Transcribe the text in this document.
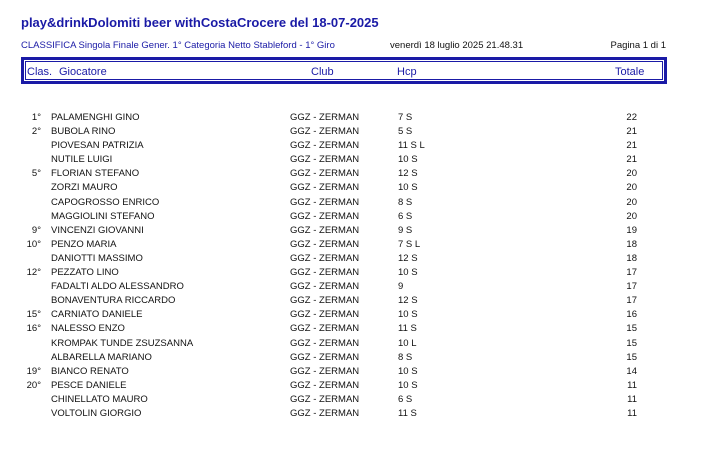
play&drinkDolomiti beer withCostaCrocere del 18-07-2025
CLASSIFICA Singola Finale Gener. 1° Categoria Netto Stableford - 1° Giro	venerdì 18 luglio 2025 21.48.31	Pagina 1 di 1
Clas. Giocatore	Club	Hcp	Totale
1° PALAMENGHI GINO	GGZ - ZERMAN	7 S	22
2° BUBOLA RINO	GGZ - ZERMAN	5 S	21
PIOVESAN PATRIZIA	GGZ - ZERMAN	11 S L	21
NUTILE LUIGI	GGZ - ZERMAN	10 S	21
5° FLORIAN STEFANO	GGZ - ZERMAN	12 S	20
ZORZI MAURO	GGZ - ZERMAN	10 S	20
CAPOGROSSO ENRICO	GGZ - ZERMAN	8 S	20
MAGGIOLINI STEFANO	GGZ - ZERMAN	6 S	20
9° VINCENZI GIOVANNI	GGZ - ZERMAN	9 S	19
10° PENZO MARIA	GGZ - ZERMAN	7 S L	18
DANIOTTI MASSIMO	GGZ - ZERMAN	12 S	18
12° PEZZATO LINO	GGZ - ZERMAN	10 S	17
FADALTI ALDO ALESSANDRO	GGZ - ZERMAN	9	17
BONAVENTURA RICCARDO	GGZ - ZERMAN	12 S	17
15° CARNIATO DANIELE	GGZ - ZERMAN	10 S	16
16° NALESSO ENZO	GGZ - ZERMAN	11 S	15
KROMPAK TUNDE ZSUZSANNA	GGZ - ZERMAN	10 L	15
ALBARELLA MARIANO	GGZ - ZERMAN	8 S	15
19° BIANCO RENATO	GGZ - ZERMAN	10 S	14
20° PESCE DANIELE	GGZ - ZERMAN	10 S	11
CHINELLATO MAURO	GGZ - ZERMAN	6 S	11
VOLTOLIN GIORGIO	GGZ - ZERMAN	11 S	11
